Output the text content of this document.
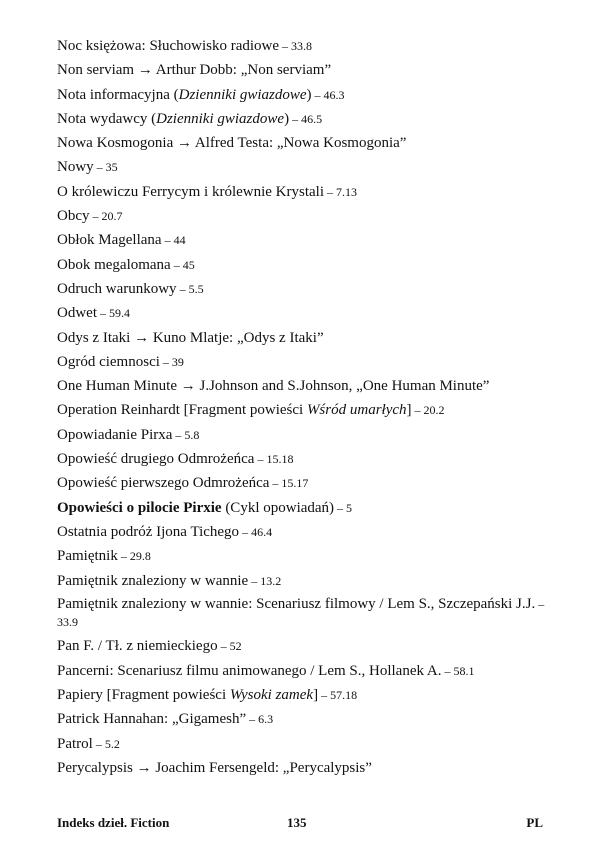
Noc księżowa: Słuchowisko radiowe – 33.8

Non serviam → Arthur Dobb: „Non serviam”

Nota informacyjna (Dzienniki gwiazdowe) – 46.3

Nota wydawcy (Dzienniki gwiazdowe) – 46.5

Nowa Kosmogonia → Alfred Testa: „Nowa Kosmogonia”

Nowy – 35

O królewiczu Ferrycym i królewnie Krystali – 7.13

Obcy – 20.7

Obłok Magellana – 44

Obok megalomana – 45

Odruch warunkowy – 5.5

Odwet – 59.4

Odys z Itaki → Kuno Mlatje: „Odys z Itaki”

Ogród ciemnosci – 39

One Human Minute → J.Johnson and S.Johnson, „One Human Minute”

Operation Reinhardt [Fragment powieści Wśród umarłych] – 20.2

Opowiadanie Pirxa – 5.8

Opowieść drugiego Odmrożeńca – 15.18

Opowieść pierwszego Odmrożeńca – 15.17

Opowieści o pilocie Pirxie (Cykl opowiadań) – 5

Ostatnia podróż Ijona Tichego – 46.4

Pamiętnik – 29.8

Pamiętnik znaleziony w wannie – 13.2

Pamiętnik znaleziony w wannie: Scenariusz filmowy / Lem S., Szczepański J.J. – 33.9

Pan F. / Tł. z niemieckiego – 52

Pancerni: Scenariusz filmu animowanego / Lem S., Hollanek A. – 58.1

Papiery [Fragment powieści Wysoki zamek] – 57.18

Patrick Hannahan: „Gigamesh” – 6.3

Patrol – 5.2

Perycalypsis → Joachim Fersengeld: „Perycalypsis”

Indeks dzieł. Fiction	135	PL
